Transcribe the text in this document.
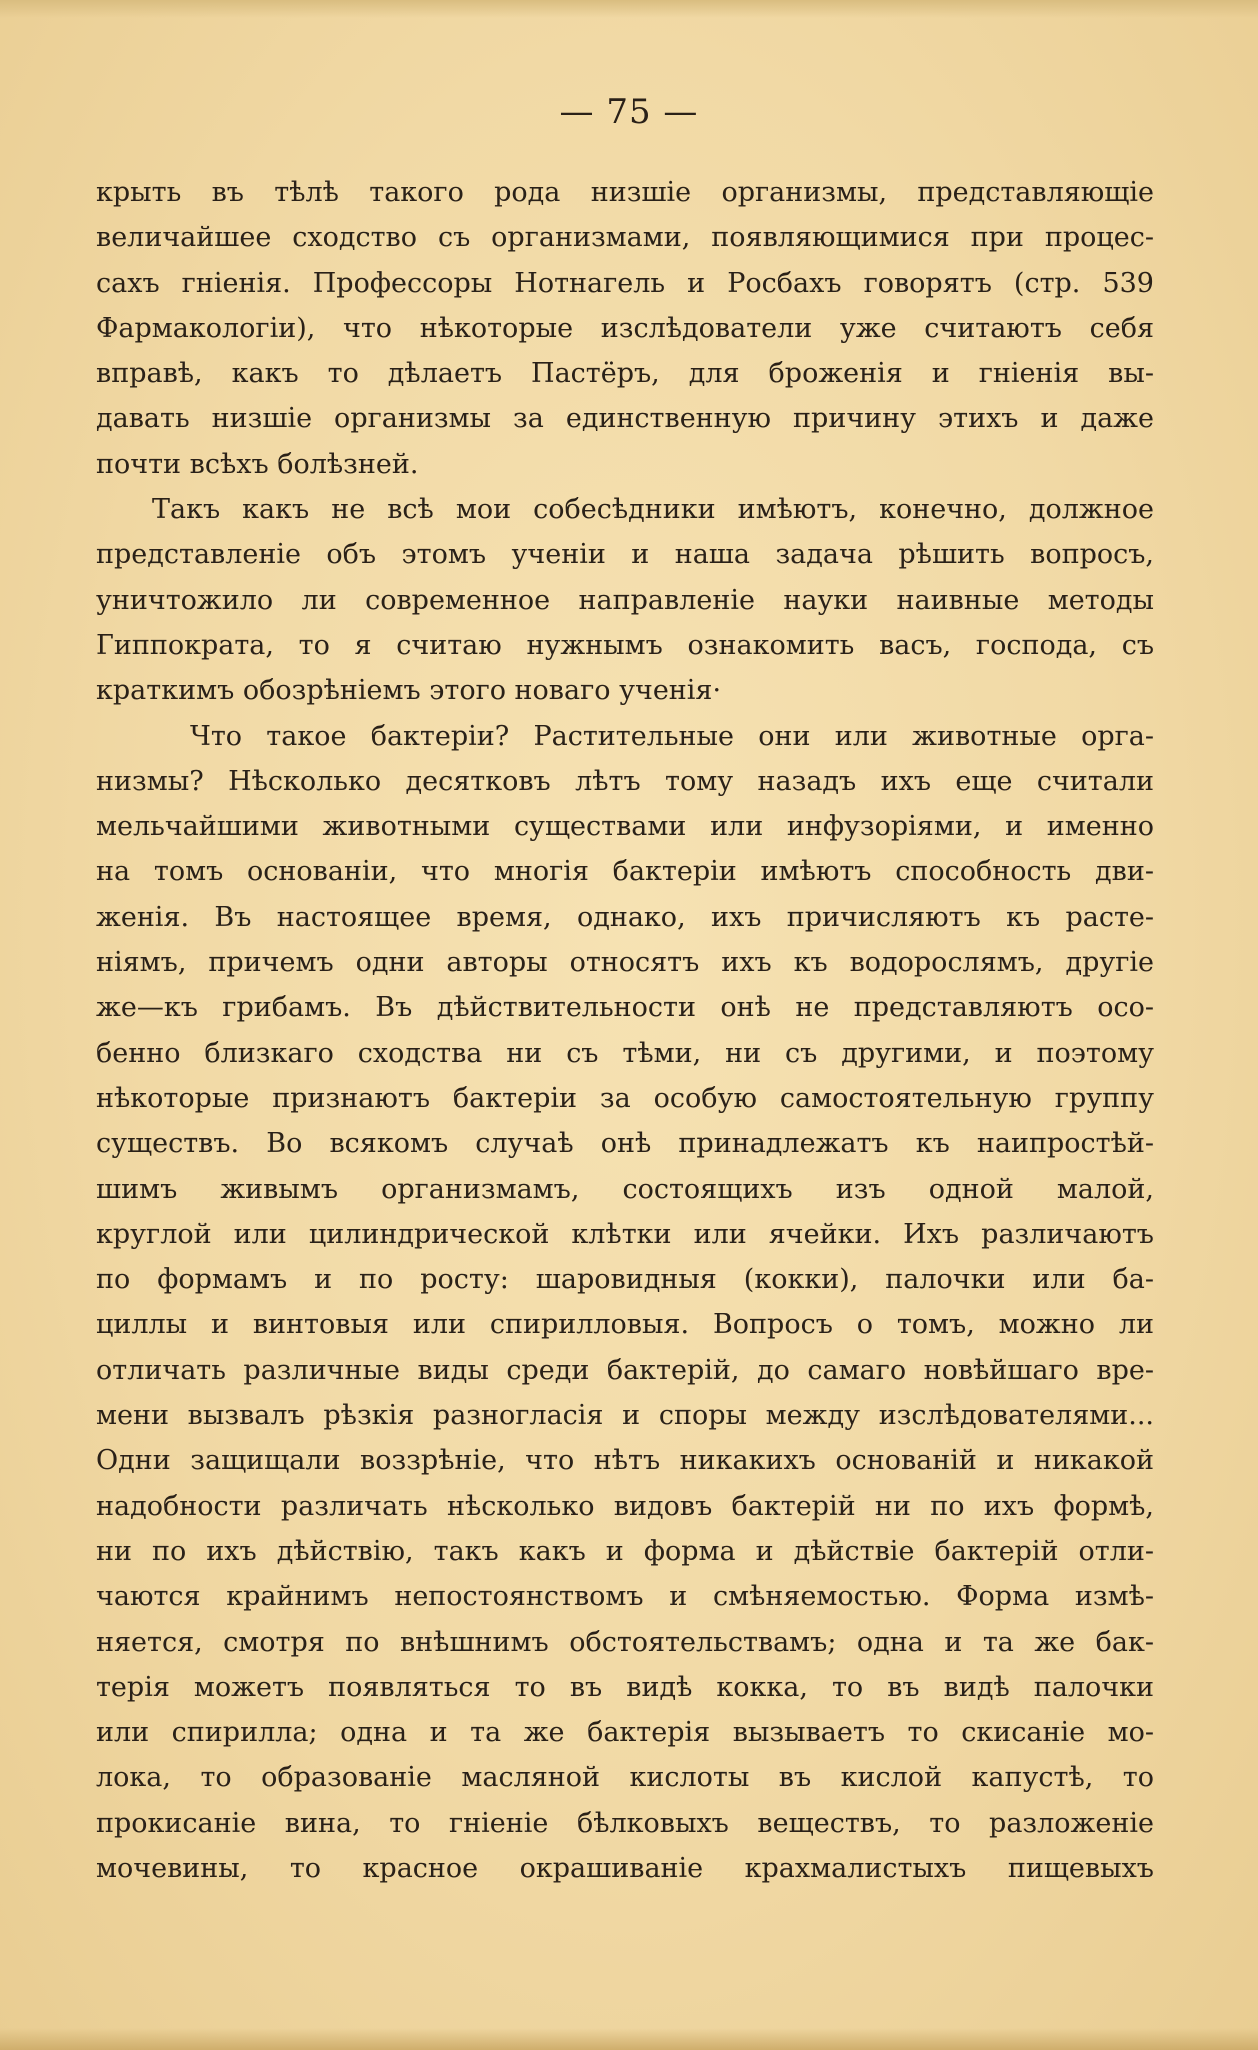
— 75 —
крыть въ тѣлѣ такого рода низшіе организмы, представляющіе
величайшее сходство съ организмами, появляющимися при процес-
сахъ гніенія. Профессоры Нотнагель и Росбахъ говорятъ (стр. 539
Фармакологіи), что нѣкоторые изслѣдователи уже считаютъ себя
вправѣ, какъ то дѣлаетъ Пастёръ, для броженія и гніенія вы-
давать низшіе организмы за единственную причину этихъ и даже
почти всѣхъ болѣзней.
Такъ какъ не всѣ мои собесѣдники имѣютъ, конечно, должное
представленіе объ этомъ ученіи и наша задача рѣшить вопросъ,
уничтожило ли современное направленіе науки наивные методы
Гиппократа, то я считаю нужнымъ ознакомить васъ, господа, съ
краткимъ обозрѣніемъ этого новаго ученія·
Что такое бактеріи? Растительные они или животные орга-
низмы? Нѣсколько десятковъ лѣтъ тому назадъ ихъ еще считали
мельчайшими животными существами или инфузоріями, и именно
на томъ основаніи, что многія бактеріи имѣютъ способность дви-
женія. Въ настоящее время, однако, ихъ причисляютъ къ расте-
ніямъ, причемъ одни авторы относятъ ихъ къ водорослямъ, другіе
же—къ грибамъ. Въ дѣйствительности онѣ не представляютъ осо-
бенно близкаго сходства ни съ тѣми, ни съ другими, и поэтому
нѣкоторые признаютъ бактеріи за особую самостоятельную группу
существъ. Во всякомъ случаѣ онѣ принадлежатъ къ наипростѣй-
шимъ живымъ организмамъ, состоящихъ изъ одной малой,
круглой или цилиндрической клѣтки или ячейки. Ихъ различаютъ
по формамъ и по росту: шаровидныя (кокки), палочки или ба-
циллы и винтовыя или спирилловыя. Вопросъ о томъ, можно ли
отличать различные виды среди бактерій, до самаго новѣйшаго вре-
мени вызвалъ рѣзкія разногласія и споры между изслѣдователями...
Одни защищали воззрѣніе, что нѣтъ никакихъ основаній и никакой
надобности различать нѣсколько видовъ бактерій ни по ихъ формѣ,
ни по ихъ дѣйствію, такъ какъ и форма и дѣйствіе бактерій отли-
чаются крайнимъ непостоянствомъ и смѣняемостью. Форма измѣ-
няется, смотря по внѣшнимъ обстоятельствамъ; одна и та же бак-
терія можетъ появляться то въ видѣ кокка, то въ видѣ палочки
или спирилла; одна и та же бактерія вызываетъ то скисаніе мо-
лока, то образованіе масляной кислоты въ кислой капустѣ, то
прокисаніе вина, то гніеніе бѣлковыхъ веществъ, то разложеніе
мочевины, то красное окрашиваніе крахмалистыхъ пищевыхъ
